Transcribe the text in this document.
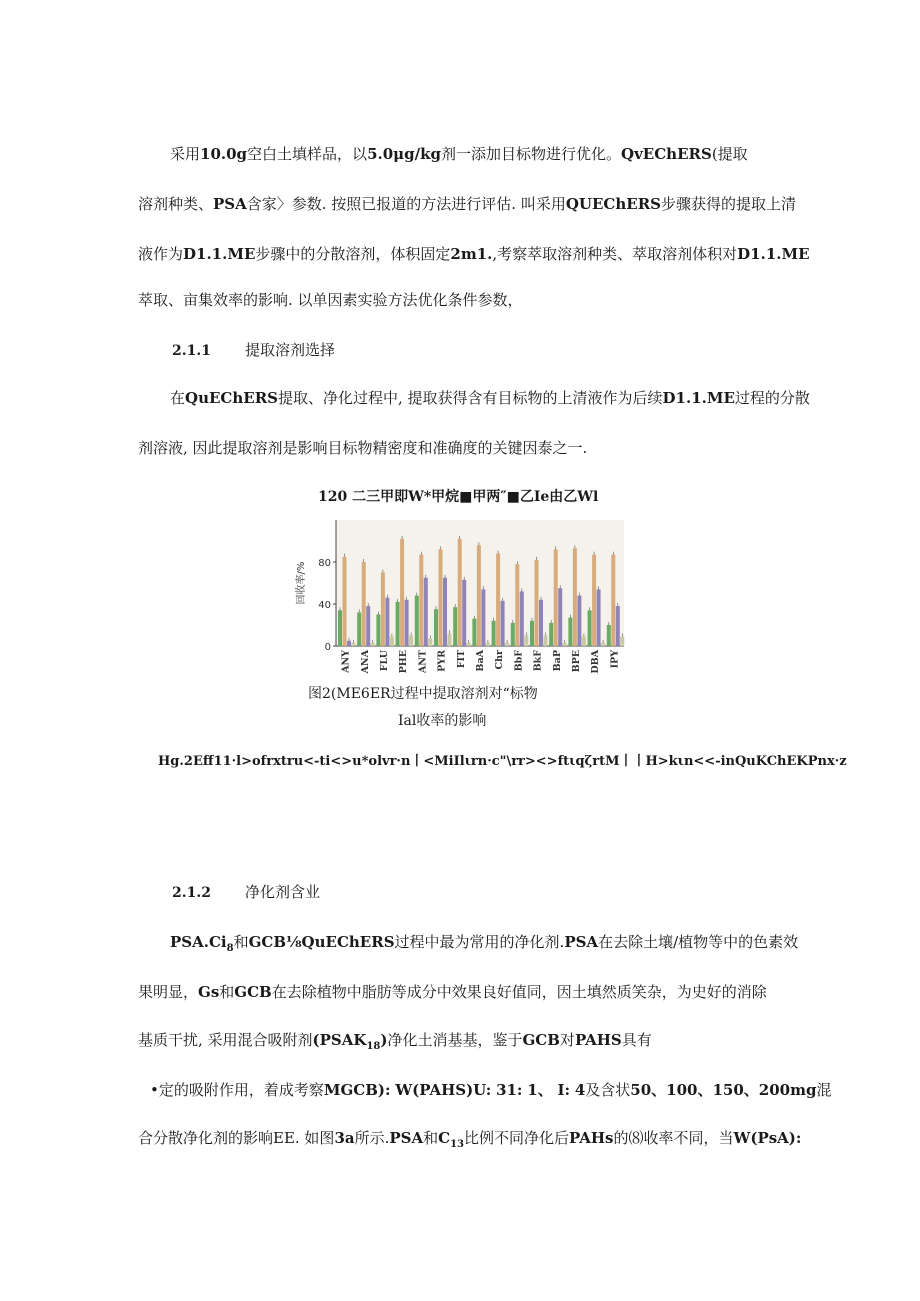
采用10.0g空白土填样品，以5.0μg/kg剂一添加目标物进行优化。QvEChERS(提取
溶剂种类、PSA含家〉参数. 按照已报道的方法进行评估. 叫采用QUEChERS步骤获得的提取上清
液作为D1.1.ME步骤中的分散溶剂，体积固定2m1.,考察萃取溶剂种类、萃取溶剂体积对D1.1.ME
萃取、亩集效率的影响. 以单因素实验方法优化条件参数，
2.1.1 提取溶剂选择
在QuEChERS提取、净化过程中, 提取获得含有目标物的上清液作为后续D1.1.ME过程的分散
剂溶液, 因此提取溶剂是影响目标物精密度和准确度的关键因泰之一.
120 二三甲即W*甲烷■甲两″■乙Ie由乙Wl
0
40
80
回收率/%
ANY ANA FLU PHE ANT PYR FIT BaA Chr BbF BkF BaP BPE DBA IPY
图2(ME6ER过程中提取溶剂对“标物
Ial收率的影响
Hg.2Eff11·l>ofrxtru<-ti<>u*olvr·n丨<MiIlιrn·c"\rr><>ftιqζrtM丨丨H>kιn<<-inQuKChEKPnx·z
2.1.2 净化剂含业
$PSA.Ci_8$和GCB⅛QuEChERS过程中最为常用的净化剂.PSA在去除土壤/植物等中的色素效
果明显，Gs和GCB在去除植物中脂肪等成分中效果良好值同，因土填然质笑杂，为史好的消除
基质干扰, 采用混合吸附剂$(PSAK_{18})$净化土消基基，鉴于GCB对PAHS具有
•定的吸附作用，着成考察MGCB): W(PAHS)U: 31: 1、 I: 4及含状50、100、150、200mg混
合分散净化剂的影响EE. 如图3a所示.PSA和$C_{13}$比例不同净化后PAHs的⑻收率不同，当W(PsA):
